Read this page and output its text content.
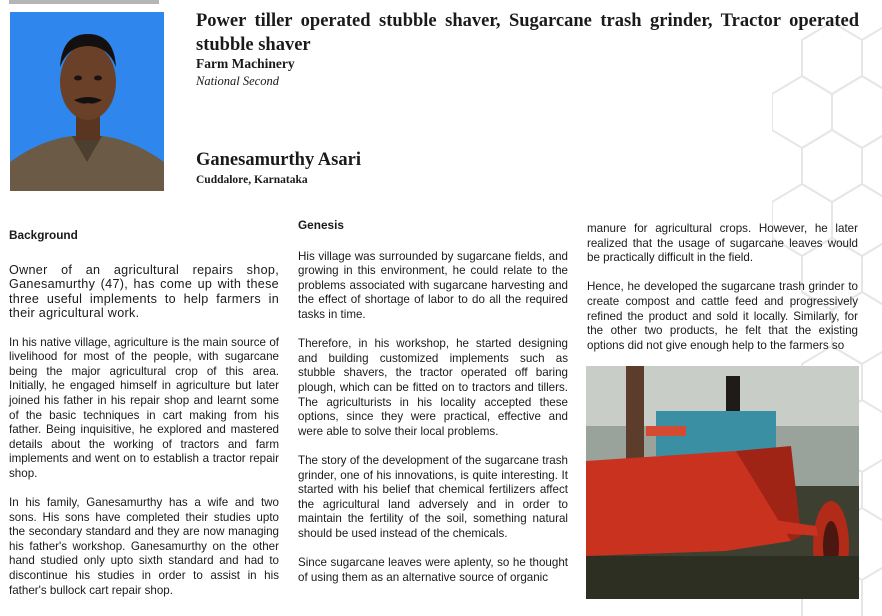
Power tiller operated stubble shaver, Sugarcane trash grinder, Tractor operated stubble shaver
Farm Machinery
National Second
Ganesamurthy Asari
Cuddalore, Karnataka
Background

Owner of an agricultural repairs shop, Ganesamurthy (47), has come up with these three useful implements to help farmers in their agricultural work.

In his native village, agriculture is the main source of livelihood for most of the people, with sugarcane being the major agricultural crop of this area. Initially, he engaged himself in agriculture but later joined his father in his repair shop and learnt some of the basic techniques in cart making from his father. Being inquisitive, he explored and mastered details about the working of tractors and farm implements and went on to establish a tractor repair shop.

In his family, Ganesamurthy has a wife and two sons. His sons have completed their studies upto the secondary standard and they are now managing his father's workshop. Ganesamurthy on the other hand studied only upto sixth standard and had to discontinue his studies in order to assist in his father's bullock cart repair shop.

Genesis

His village was surrounded by sugarcane fields, and growing in this environment, he could relate to the problems associated with sugarcane harvesting and the effect of shortage of labor to do all the required tasks in time.

Therefore, in his workshop, he started designing and building customized implements such as stubble shavers, the tractor operated off baring plough, which can be fitted on to tractors and tillers. The agriculturists in his locality accepted these options, since they were practical, effective and were able to solve their local problems.

The story of the development of the sugarcane trash grinder, one of his innovations, is quite interesting. It started with his belief that chemical fertilizers affect the agricultural land adversely and in order to maintain the fertility of the soil, something natural should be used instead of the chemicals.

Since sugarcane leaves were aplenty, so he thought of using them as an alternative source of organic

manure for agricultural crops. However, he later realized that the usage of sugarcane leaves would be practically difficult in the field.

Hence, he developed the sugarcane trash grinder to create compost and cattle feed and progressively refined the product and sold it locally. Similarly, for the other two products, he felt that the existing options did not give enough help to the farmers so
